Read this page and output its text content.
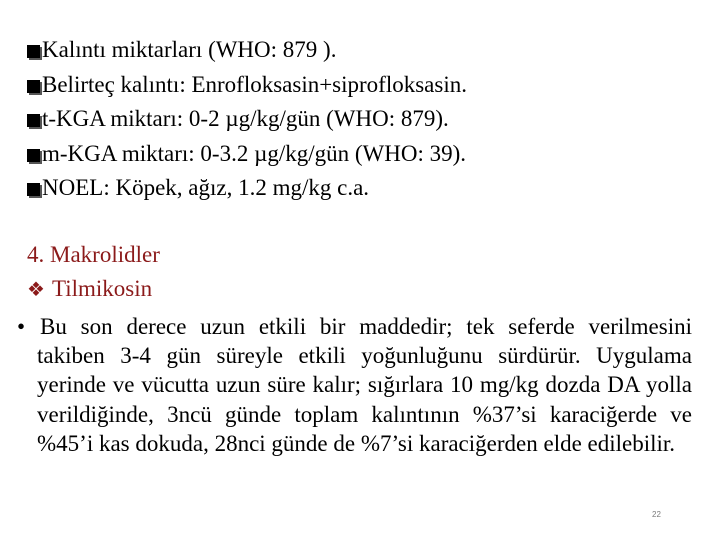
Kalıntı miktarları (WHO: 879 ).
Belirteç kalıntı: Enrofloksasin+siprofloksasin.
t-KGA miktarı: 0-2 µg/kg/gün (WHO: 879).
m-KGA miktarı: 0-3.2 µg/kg/gün (WHO: 39).
NOEL: Köpek, ağız, 1.2 mg/kg c.a.
4. Makrolidler
❖ Tilmikosin
• Bu son derece uzun etkili bir maddedir; tek seferde verilmesini takiben 3-4 gün süreyle etkili yoğunluğunu sürdürür. Uygulama yerinde ve vücutta uzun süre kalır; sığırlara 10 mg/kg dozda DA yolla verildiğinde, 3ncü günde toplam kalıntının %37’si karaciğerde ve %45’i kas dokuda, 28nci günde de %7’si karaciğerden elde edilebilir.
22
